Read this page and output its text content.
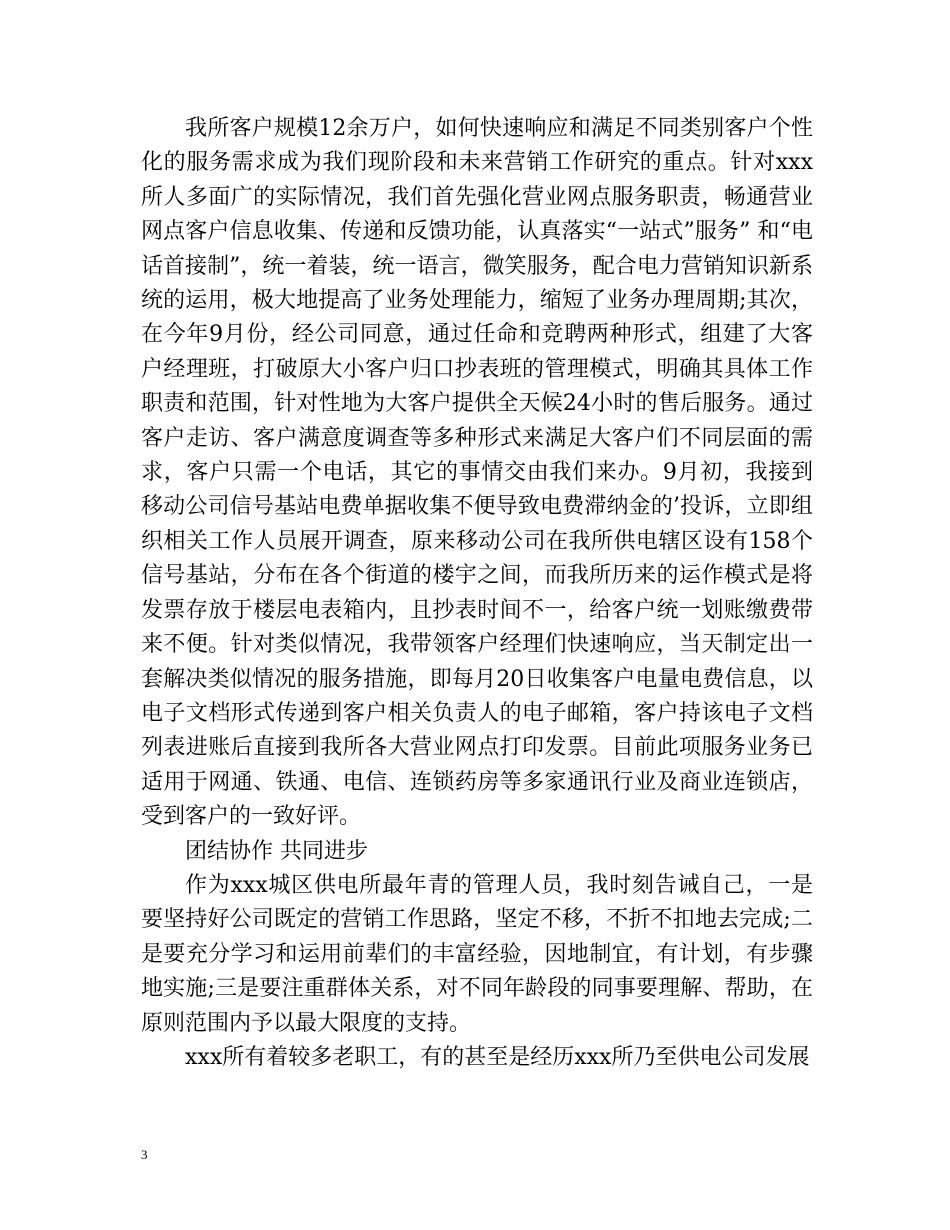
我所客户规模12余万户，如何快速响应和满足不同类别客户个性化的服务需求成为我们现阶段和未来营销工作研究的重点。针对xxx所人多面广的实际情况，我们首先强化营业网点服务职责，畅通营业网点客户信息收集、传递和反馈功能，认真落实“一站式”服务” 和“电话首接制”，统一着装，统一语言，微笑服务，配合电力营销知识新系统的运用，极大地提高了业务处理能力，缩短了业务办理周期;其次，在今年9月份，经公司同意，通过任命和竞聘两种形式，组建了大客户经理班，打破原大小客户归口抄表班的管理模式，明确其具体工作职责和范围，针对性地为大客户提供全天候24小时的售后服务。通过客户走访、客户满意度调查等多种形式来满足大客户们不同层面的需求，客户只需一个电话，其它的事情交由我们来办。9月初，我接到移动公司信号基站电费单据收集不便导致电费滞纳金的’投诉，立即组织相关工作人员展开调查，原来移动公司在我所供电辖区设有158个信号基站，分布在各个街道的楼宇之间，而我所历来的运作模式是将发票存放于楼层电表箱内，且抄表时间不一，给客户统一划账缴费带来不便。针对类似情况，我带领客户经理们快速响应，当天制定出一套解决类似情况的服务措施，即每月20日收集客户电量电费信息，以电子文档形式传递到客户相关负责人的电子邮箱，客户持该电子文档列表进账后直接到我所各大营业网点打印发票。目前此项服务业务已适用于网通、铁通、电信、连锁药房等多家通讯行业及商业连锁店，受到客户的一致好评。

团结协作 共同进步

作为xxx城区供电所最年青的管理人员，我时刻告诫自己，一是要坚持好公司既定的营销工作思路，坚定不移，不折不扣地去完成;二是要充分学习和运用前辈们的丰富经验，因地制宜，有计划，有步骤地实施;三是要注重群体关系，对不同年龄段的同事要理解、帮助，在原则范围内予以最大限度的支持。

xxx所有着较多老职工，有的甚至是经历xxx所乃至供电公司发展

3
